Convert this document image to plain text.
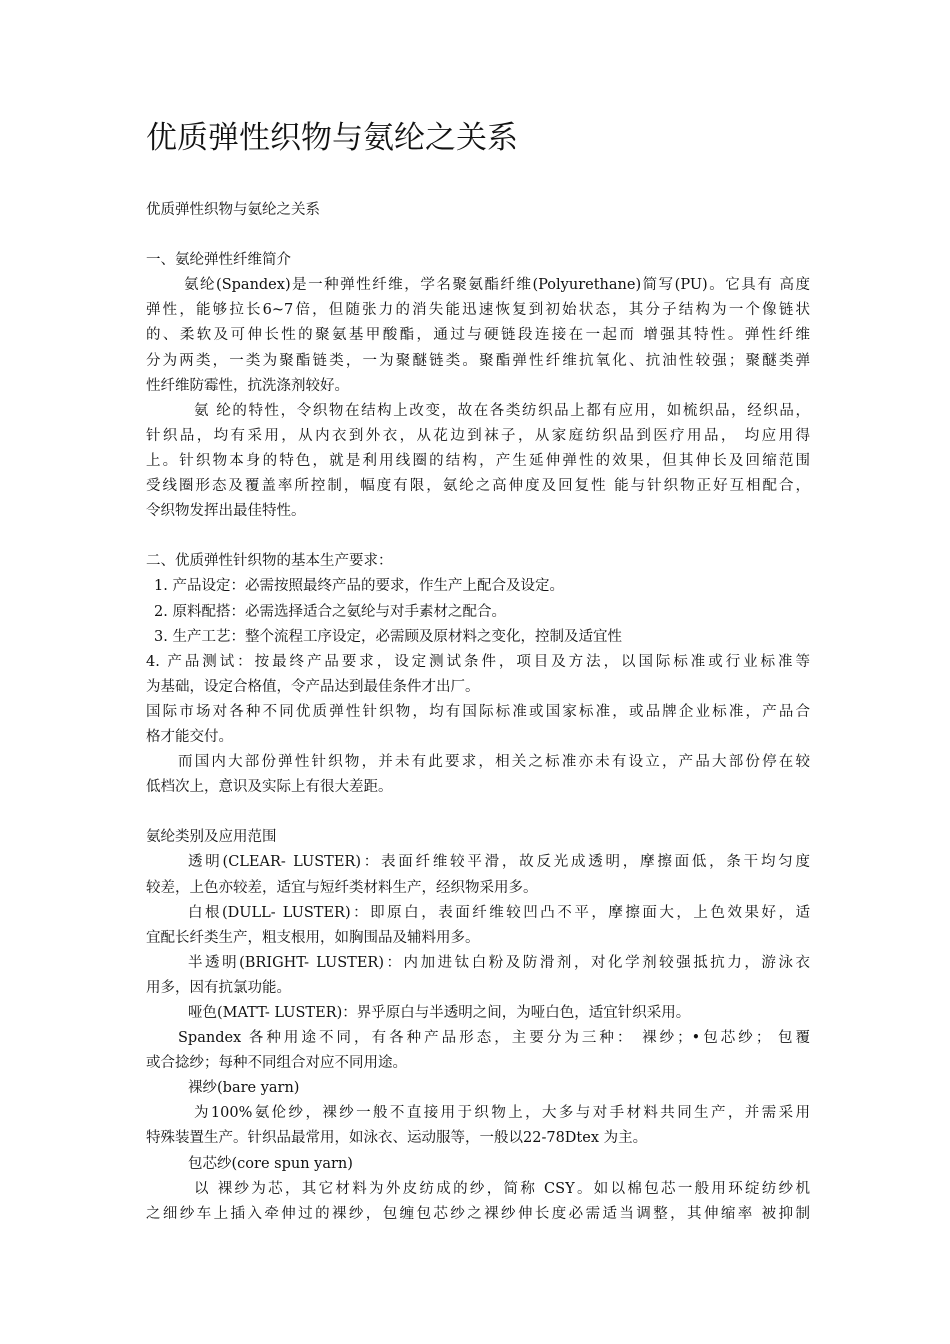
优质弹性织物与氨纶之关系
优质弹性织物与氨纶之关系
一、氨纶弹性纤维简介
氨纶(Spandex)是一种弹性纤维，学名聚氨酯纤维(Polyurethane)简写(PU)。它具有 高度
弹性，能够拉长6~7倍，但随张力的消失能迅速恢复到初始状态，其分子结构为一个像链状
的、柔软及可伸长性的聚氨基甲酸酯，通过与硬链段连接在一起而 增强其特性。弹性纤维
分为两类，一类为聚酯链类，一为聚醚链类。聚酯弹性纤维抗氧化、抗油性较强；聚醚类弹
性纤维防霉性，抗洗涤剂较好。
氨 纶的特性，令织物在结构上改变，故在各类纺织品上都有应用，如梳织品，经织品，
针织品，均有采用，从内衣到外衣，从花边到袜子，从家庭纺织品到医疗用品， 均应用得
上。针织物本身的特色，就是利用线圈的结构，产生延伸弹性的效果，但其伸长及回缩范围
受线圈形态及覆盖率所控制，幅度有限，氨纶之高伸度及回复性 能与针织物正好互相配合，
令织物发挥出最佳特性。
二、优质弹性针织物的基本生产要求：
1. 产品设定：必需按照最终产品的要求，作生产上配合及设定。
2. 原料配搭：必需选择适合之氨纶与对手素材之配合。
3. 生产工艺：整个流程工序设定，必需顾及原材料之变化，控制及适宜性
4. 产品测试：按最终产品要求，设定测试条件，项目及方法，以国际标准或行业标准等
为基础，设定合格值，令产品达到最佳条件才出厂。
国际市场对各种不同优质弹性针织物，均有国际标准或国家标准，或品牌企业标准，产品合
格才能交付。
而国内大部份弹性针织物，并未有此要求，相关之标准亦未有设立，产品大部份停在较
低档次上，意识及实际上有很大差距。
氨纶类别及应用范围
透明(CLEAR- LUSTER)：表面纤维较平滑，故反光成透明，摩擦面低，条干均匀度
较差，上色亦较差，适宜与短纤类材料生产，经织物采用多。
白根(DULL- LUSTER)：即原白，表面纤维较凹凸不平，摩擦面大，上色效果好，适
宜配长纤类生产，粗支根用，如胸围品及辅料用多。
半透明(BRIGHT- LUSTER)：内加进钛白粉及防滑剂，对化学剂较强抵抗力，游泳衣
用多，因有抗氯功能。
哑色(MATT- LUSTER)：界乎原白与半透明之间，为哑白色，适宜针织采用。
Spandex 各种用途不同，有各种产品形态，主要分为三种： 裸纱；•包芯纱； 包覆
或合捻纱；每种不同组合对应不同用途。
裸纱(bare yarn)
为100%氨伦纱，裸纱一般不直接用于织物上，大多与对手材料共同生产，并需采用
特殊装置生产。针织品最常用，如泳衣、运动服等，一般以22-78Dtex 为主。
包芯纱(core spun yarn)
以 裸纱为芯，其它材料为外皮纺成的纱，简称 CSY。如以棉包芯一般用环绽纺纱机
之细纱车上插入牵伸过的裸纱，包缠包芯纱之裸纱伸长度必需适当调整，其伸缩率 被抑制
